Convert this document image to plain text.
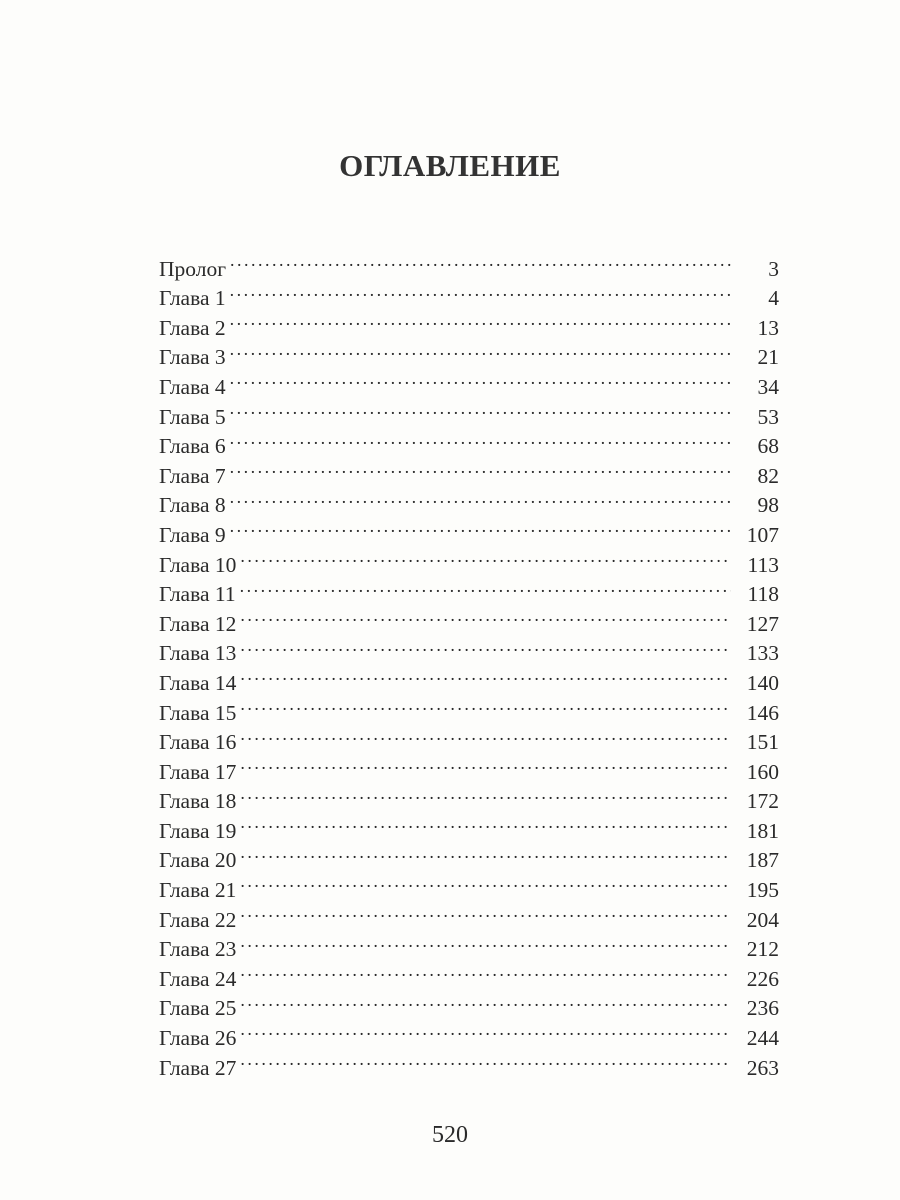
ОГЛАВЛЕНИЕ
Пролог . . .	3
Глава 1 . . .	4
Глава 2 . . .	13
Глава 3 . . .	21
Глава 4 . . .	34
Глава 5 . . .	53
Глава 6 . . .	68
Глава 7 . . .	82
Глава 8 . . .	98
Глава 9 . . .	107
Глава 10 . . .	113
Глава 11 . . .	118
Глава 12 . . .	127
Глава 13 . . .	133
Глава 14 . . .	140
Глава 15 . . .	146
Глава 16 . . .	151
Глава 17 . . .	160
Глава 18 . . .	172
Глава 19 . . .	181
Глава 20 . . .	187
Глава 21 . . .	195
Глава 22 . . .	204
Глава 23 . . .	212
Глава 24 . . .	226
Глава 25 . . .	236
Глава 26 . . .	244
Глава 27 . . .	263
520
